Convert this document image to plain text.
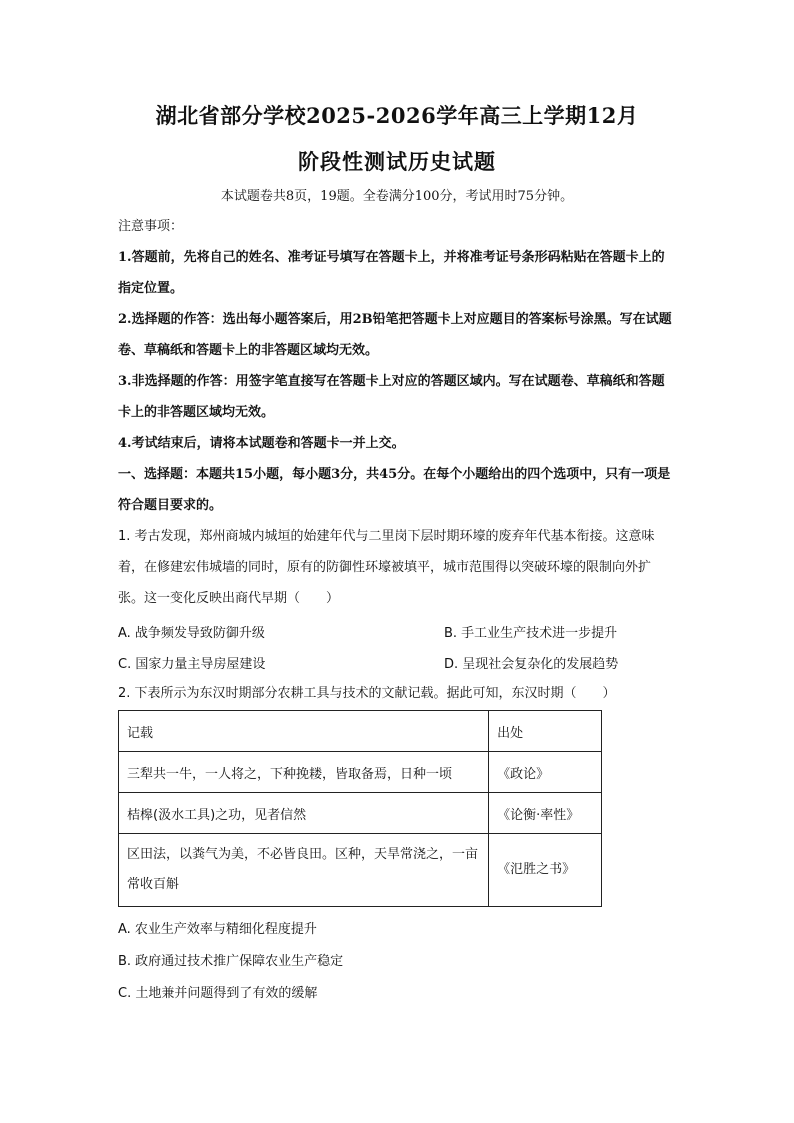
湖北省部分学校2025-2026学年高三上学期12月
阶段性测试历史试题
本试题卷共8页，19题。全卷满分100分，考试用时75分钟。
注意事项：
1.答题前，先将自己的姓名、准考证号填写在答题卡上，并将准考证号条形码粘贴在答题卡上的指定位置。
2.选择题的作答：选出每小题答案后，用2B铅笔把答题卡上对应题目的答案标号涂黑。写在试题卷、草稿纸和答题卡上的非答题区域均无效。
3.非选择题的作答：用签字笔直接写在答题卡上对应的答题区域内。写在试题卷、草稿纸和答题卡上的非答题区域均无效。
4.考试结束后，请将本试题卷和答题卡一并上交。
一、选择题：本题共15小题，每小题3分，共45分。在每个小题给出的四个选项中，只有一项是符合题目要求的。
1. 考古发现，郑州商城内城垣的始建年代与二里岗下层时期环壕的废弃年代基本衔接。这意味着，在修建宏伟城墙的同时，原有的防御性环壕被填平，城市范围得以突破环壕的限制向外扩张。这一变化反映出商代早期（　　）
A. 战争频发导致防御升级	B. 手工业生产技术进一步提升
C. 国家力量主导房屋建设	D. 呈现社会复杂化的发展趋势
2. 下表所示为东汉时期部分农耕工具与技术的文献记载。据此可知，东汉时期（　　）
记载	出处
三犁共一牛，一人将之，下种挽耧，皆取备焉，日种一顷	《政论》
桔槔(汲水工具)之功，见者信然	《论衡·率性》
区田法，以粪气为美，不必皆良田。区种，天旱常浇之，一亩常收百斛	《氾胜之书》
A. 农业生产效率与精细化程度提升
B. 政府通过技术推广保障农业生产稳定
C. 土地兼并问题得到了有效的缓解
